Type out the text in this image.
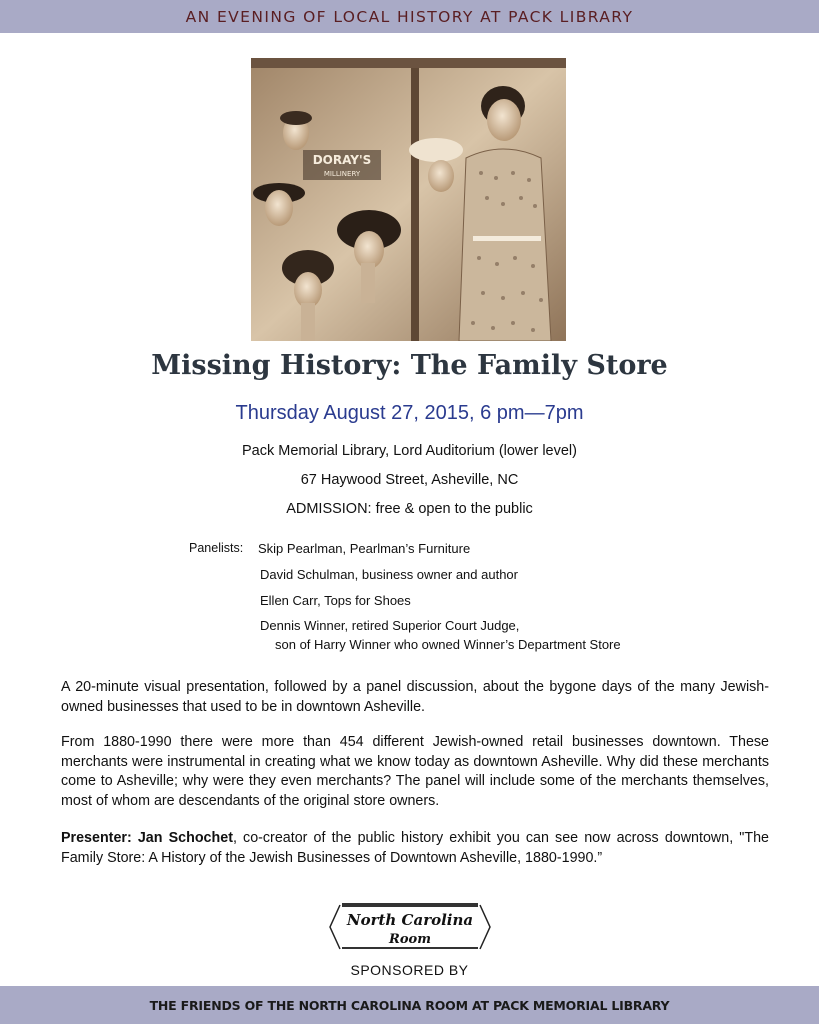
AN EVENING OF LOCAL HISTORY AT PACK LIBRARY
DORAY'S
MILLINERY
Missing History: The Family Store
Thursday August 27, 2015, 6 pm—7pm
Pack Memorial Library, Lord Auditorium (lower level)
67 Haywood Street, Asheville, NC
ADMISSION: free & open to the public
Panelists: Skip Pearlman, Pearlman’s Furniture
David Schulman, business owner and author
Ellen Carr, Tops for Shoes
Dennis Winner, retired Superior Court Judge,
son of Harry Winner who owned Winner’s Department Store
A 20-minute visual presentation, followed by a panel discussion, about the bygone days of the many Jewish-owned businesses that used to be in downtown Asheville.
From 1880-1990 there were more than 454 different Jewish-owned retail businesses downtown. These merchants were instrumental in creating what we know today as downtown Asheville. Why did these merchants come to Asheville; why were they even merchants? The panel will include some of the merchants themselves, most of whom are descendants of the original store owners.
Presenter: Jan Schochet, co-creator of the public history exhibit you can see now across downtown, "The Family Store: A History of the Jewish Businesses of Downtown Asheville, 1880-1990.”
North Carolina
Room
SPONSORED BY
THE FRIENDS OF THE NORTH CAROLINA ROOM AT PACK MEMORIAL LIBRARY
